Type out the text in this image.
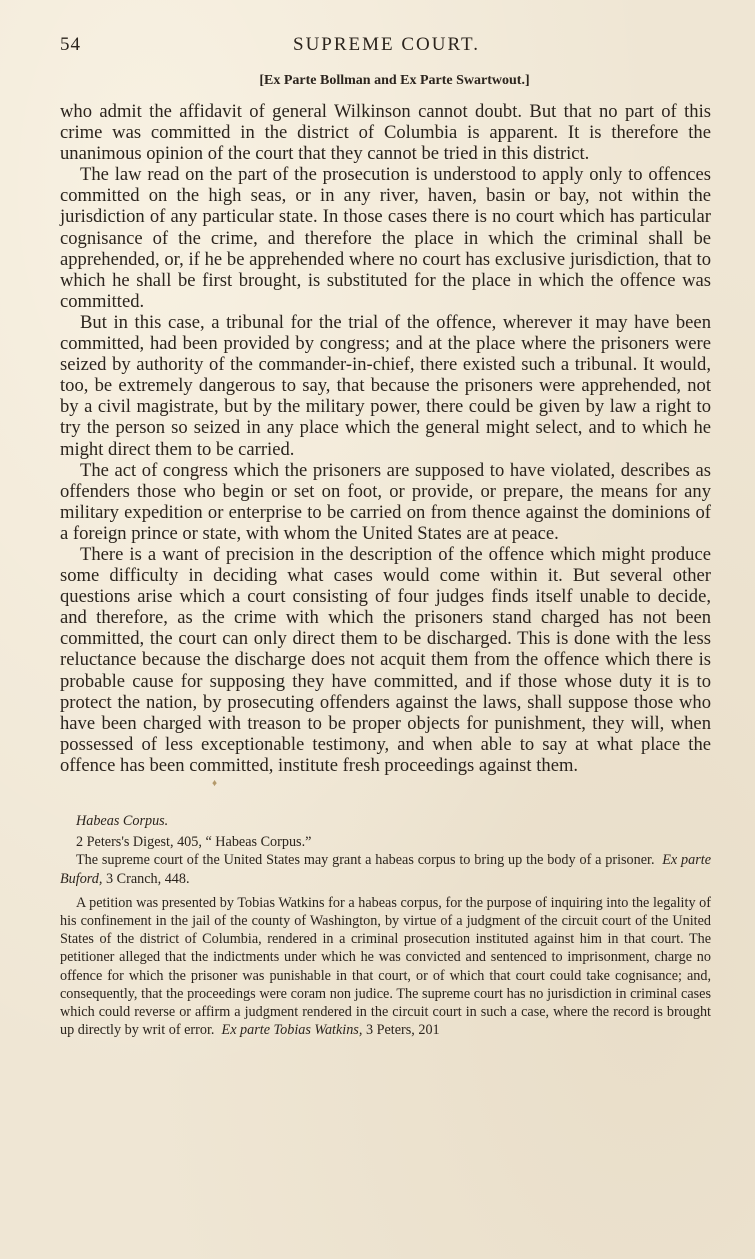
54	SUPREME COURT.
[Ex Parte Bollman and Ex Parte Swartwout.]

who admit the affidavit of general Wilkinson cannot doubt. But that no part of this crime was committed in the district of Columbia is apparent. It is therefore the unanimous opinion of the court that they cannot be tried in this district.

The law read on the part of the prosecution is understood to apply only to offences committed on the high seas, or in any river, haven, basin or bay, not within the jurisdiction of any particular state. In those cases there is no court which has particular cognisance of the crime, and therefore the place in which the criminal shall be apprehended, or, if he be apprehended where no court has exclusive jurisdiction, that to which he shall be first brought, is substituted for the place in which the offence was committed.

But in this case, a tribunal for the trial of the offence, wherever it may have been committed, had been provided by congress; and at the place where the prisoners were seized by authority of the commander-in-chief, there existed such a tribunal. It would, too, be extremely dangerous to say, that because the prisoners were apprehended, not by a civil magistrate, but by the military power, there could be given by law a right to try the person so seized in any place which the general might select, and to which he might direct them to be carried.

The act of congress which the prisoners are supposed to have violated, describes as offenders those who begin or set on foot, or provide, or prepare, the means for any military expedition or enterprise to be carried on from thence against the dominions of a foreign prince or state, with whom the United States are at peace.

There is a want of precision in the description of the offence which might produce some difficulty in deciding what cases would come within it. But several other questions arise which a court consisting of four judges finds itself unable to decide, and therefore, as the crime with which the prisoners stand charged has not been committed, the court can only direct them to be discharged. This is done with the less reluctance because the discharge does not acquit them from the offence which there is probable cause for supposing they have committed, and if those whose duty it is to protect the nation, by prosecuting offenders against the laws, shall suppose those who have been charged with treason to be proper objects for punishment, they will, when possessed of less exceptionable testimony, and when able to say at what place the offence has been committed, institute fresh proceedings against them.

♦

Habeas Corpus.

2 Peters's Digest, 405, “ Habeas Corpus.”

The supreme court of the United States may grant a habeas corpus to bring up the body of a prisoner. Ex parte Buford, 3 Cranch, 448.

A petition was presented by Tobias Watkins for a habeas corpus, for the purpose of inquiring into the legality of his confinement in the jail of the county of Washington, by virtue of a judgment of the circuit court of the United States of the district of Columbia, rendered in a criminal prosecution instituted against him in that court. The petitioner alleged that the indictments under which he was convicted and sentenced to imprisonment, charge no offence for which the prisoner was punishable in that court, or of which that court could take cognisance; and, consequently, that the proceedings were coram non judice. The supreme court has no jurisdiction in criminal cases which could reverse or affirm a judgment rendered in the circuit court in such a case, where the record is brought up directly by writ of error. Ex parte Tobias Watkins, 3 Peters, 201
